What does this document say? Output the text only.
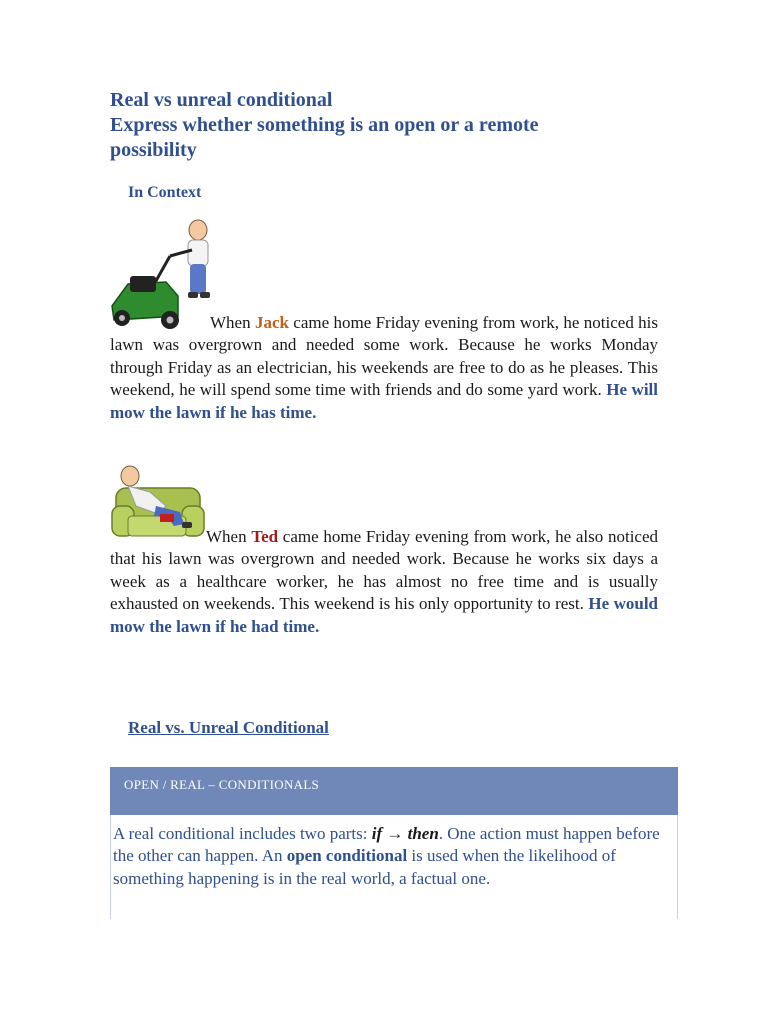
Real vs unreal conditional
Express whether something is an open or a remote
possibility
In Context
When Jack came home Friday evening from work, he noticed his lawn was overgrown and needed some work. Because he works Monday through Friday as an electrician, his weekends are free to do as he pleases. This weekend, he will spend some time with friends and do some yard work. He will mow the lawn if he has time.
When Ted came home Friday evening from work, he also noticed that his lawn was overgrown and needed work. Because he works six days a week as a healthcare worker, he has almost no free time and is usually exhausted on weekends. This weekend is his only opportunity to rest. He would mow the lawn if he had time.
Real vs. Unreal Conditional
OPEN / REAL – CONDITIONALS
A real conditional includes two parts: if → then. One action must happen before the other can happen. An open conditional is used when the likelihood of something happening is in the real world, a factual one.
